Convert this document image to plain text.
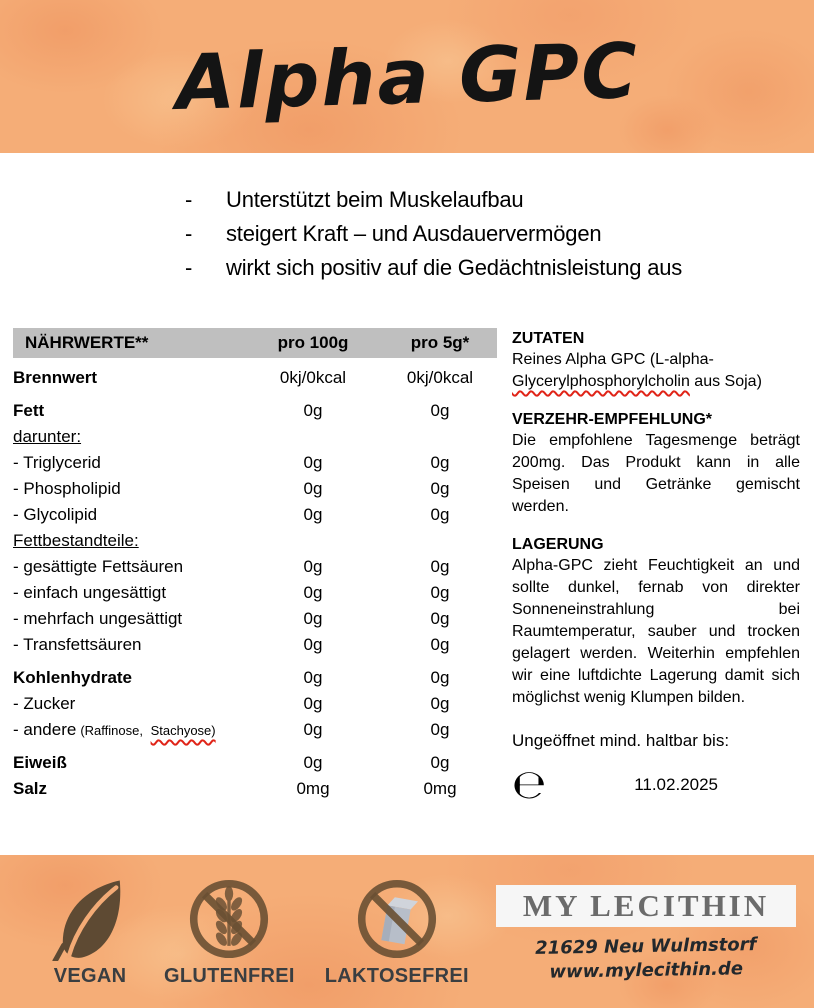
Alpha GPC
-	Unterstützt beim Muskelaufbau
-	steigert Kraft – und Ausdauervermögen
-	wirkt sich positiv auf die Gedächtnisleistung aus
NÄHRWERTE**	pro 100g	pro 5g*
Brennwert	0kj/0kcal	0kj/0kcal
Fett	0g	0g
darunter:
- Triglycerid	0g	0g
- Phospholipid	0g	0g
- Glycolipid	0g	0g
Fettbestandteile:
- gesättigte Fettsäuren	0g	0g
- einfach ungesättigt	0g	0g
- mehrfach ungesättigt	0g	0g
- Transfettsäuren	0g	0g
Kohlenhydrate	0g	0g
- Zucker	0g	0g
- andere (Raffinose, Stachyose)	0g	0g
Eiweiß	0g	0g
Salz	0mg	0mg
ZUTATEN
Reines Alpha GPC (L-alpha-Glycerylphosphorylcholin aus Soja)
VERZEHR-EMPFEHLUNG*
Die empfohlene Tagesmenge beträgt 200mg. Das Produkt kann in alle Speisen und Getränke gemischt werden.
LAGERUNG
Alpha-GPC zieht Feuchtigkeit an und sollte dunkel, fernab von direkter Sonneneinstrahlung bei Raumtemperatur, sauber und trocken gelagert werden. Weiterhin empfehlen wir eine luftdichte Lagerung damit sich möglichst wenig Klumpen bilden.
Ungeöffnet mind. haltbar bis:
℮	11.02.2025
VEGAN GLUTENFREI LAKTOSEFREI
MY LECITHIN
21629 Neu Wulmstorf
www.mylecithin.de
